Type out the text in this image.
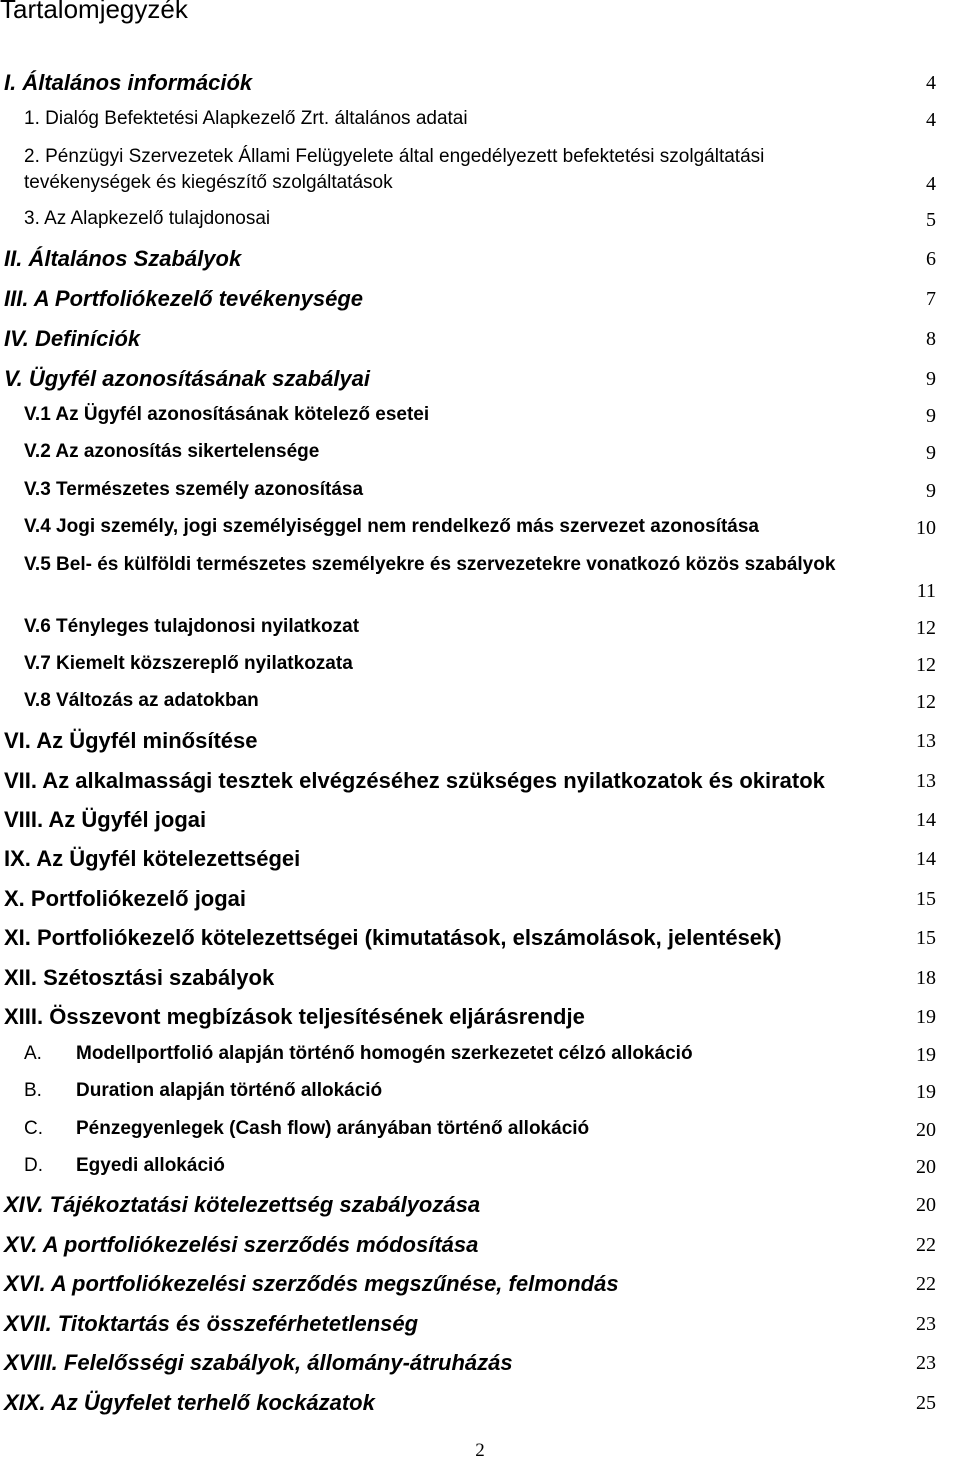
Tartalomjegyzék
I. Általános információk	4
1. Dialóg Befektetési Alapkezelő Zrt. általános adatai	4
2. Pénzügyi Szervezetek Állami Felügyelete által engedélyezett befektetési szolgáltatási
tevékenységek és kiegészítő szolgáltatások	4
3. Az Alapkezelő tulajdonosai	5
II. Általános Szabályok	6
III. A Portfoliókezelő tevékenysége	7
IV. Definíciók	8
V. Ügyfél azonosításának szabályai	9
V.1 Az Ügyfél azonosításának kötelező esetei	9
V.2 Az azonosítás sikertelensége	9
V.3 Természetes személy azonosítása	9
V.4 Jogi személy, jogi személyiséggel nem rendelkező más szervezet azonosítása	10
V.5 Bel- és külföldi természetes személyekre és szervezetekre vonatkozó közös szabályok
11
V.6 Tényleges tulajdonosi nyilatkozat	12
V.7 Kiemelt közszereplő nyilatkozata	12
V.8 Változás az adatokban	12
VI. Az Ügyfél minősítése	13
VII. Az alkalmassági tesztek elvégzéséhez szükséges nyilatkozatok és okiratok	13
VIII. Az Ügyfél jogai	14
IX. Az Ügyfél kötelezettségei	14
X. Portfoliókezelő jogai	15
XI. Portfoliókezelő kötelezettségei (kimutatások, elszámolások, jelentések)	15
XII. Szétosztási szabályok	18
XIII. Összevont megbízások teljesítésének eljárásrendje	19
A. Modellportfolió alapján történő homogén szerkezetet célzó allokáció	19
B. Duration alapján történő allokáció	19
C. Pénzegyenlegek (Cash flow) arányában történő allokáció	20
D. Egyedi allokáció	20
XIV. Tájékoztatási kötelezettség szabályozása	20
XV. A portfoliókezelési szerződés módosítása	22
XVI. A portfoliókezelési szerződés megszűnése, felmondás	22
XVII. Titoktartás és összeférhetetlenség	23
XVIII. Felelősségi szabályok, állomány-átruházás	23
XIX. Az Ügyfelet terhelő kockázatok	25
2
